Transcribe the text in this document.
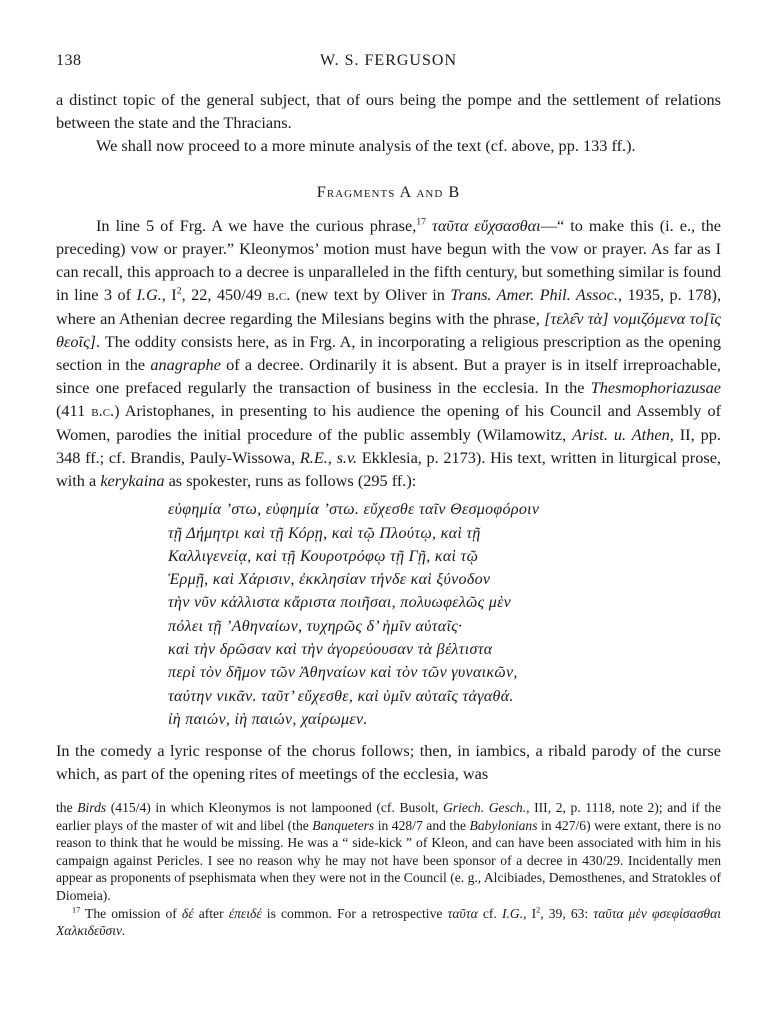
138	W. S. FERGUSON

a distinct topic of the general subject, that of ours being the pompe and the settlement of relations between the state and the Thracians.

We shall now proceed to a more minute analysis of the text (cf. above, pp. 133 ff.).

Fragments A and B

In line 5 of Frg. A we have the curious phrase,$^{17}$ ταῦτα εὔχσασθαι—“ to make this (i. e., the preceding) vow or prayer.” Kleonymos’ motion must have begun with the vow or prayer. As far as I can recall, this approach to a decree is unparalleled in the fifth century, but something similar is found in line 3 of I.G., $I^2$, 22, 450/49 b.c. (new text by Oliver in Trans. Amer. Phil. Assoc., 1935, p. 178), where an Athenian decree regarding the Milesians begins with the phrase, [τελε̑ν τὰ] νομιζόμενα το[ῖς θεοῖς]. The oddity consists here, as in Frg. A, in incorporating a religious prescription as the opening section in the anagraphe of a decree. Ordinarily it is absent. But a prayer is in itself irreproachable, since one prefaced regularly the transaction of business in the ecclesia. In the Thesmophoriazusae (411 b.c.) Aristophanes, in presenting to his audience the opening of his Council and Assembly of Women, parodies the initial procedure of the public assembly (Wilamowitz, Arist. u. Athen, II, pp. 348 ff.; cf. Brandis, Pauly-Wissowa, R.E., s.v. Ekklesia, p. 2173). His text, written in liturgical prose, with a kerykaina as spokester, runs as follows (295 ff.):

εὐφημία ’στω, εὐφημία ’στω. εὔχεσθε ταῖν Θεσμοφόροιν
τῇ Δήμητρι καὶ τῇ Κόρῃ, καὶ τῷ Πλούτῳ, καὶ τῇ
Καλλιγενείᾳ, καὶ τῇ Κουροτρόφῳ τῇ Γῇ, καὶ τῷ
Ἑρμῇ, καὶ Χάρισιν, ἐκκλησίαν τήνδε καὶ ξύνοδον
τὴν νῦν κάλλιστα κἄριστα ποιῆσαι, πολυωφελῶς μὲν
πόλει τῇ ’Αθηναίων, τυχηρῶς δ’ ἡμῖν αὐταῖς·
καὶ τὴν δρῶσαν καὶ τὴν ἀγορεύουσαν τὰ βέλτιστα
περὶ τὸν δῆμον τῶν Ἀθηναίων καὶ τὸν τῶν γυναικῶν,
ταύτην νικᾶν. ταῦτ’ εὔχεσθε, καὶ ὑμῖν αὐταῖς τἀγαθά.
ἰὴ παιών, ἰὴ παιών, χαίρωμεν.

In the comedy a lyric response of the chorus follows; then, in iambics, a ribald parody of the curse which, as part of the opening rites of meetings of the ecclesia, was

the Birds (415/4) in which Kleonymos is not lampooned (cf. Busolt, Griech. Gesch., III, 2, p. 1118, note 2); and if the earlier plays of the master of wit and libel (the Banqueters in 428/7 and the Babylonians in 427/6) were extant, there is no reason to think that he would be missing. He was a “ side-kick ” of Kleon, and can have been associated with him in his campaign against Pericles. I see no reason why he may not have been sponsor of a decree in 430/29. Incidentally men appear as proponents of psephismata when they were not in the Council (e. g., Alcibiades, Demosthenes, and Stratokles of Diomeia).

$^{17}$ The omission of δέ after ἐπειδέ is common. For a retrospective ταῦτα cf. I.G., $I^2$, 39, 63: ταῦτα μὲν φσεφίσασθαι Χαλκιδεῦσιν.
